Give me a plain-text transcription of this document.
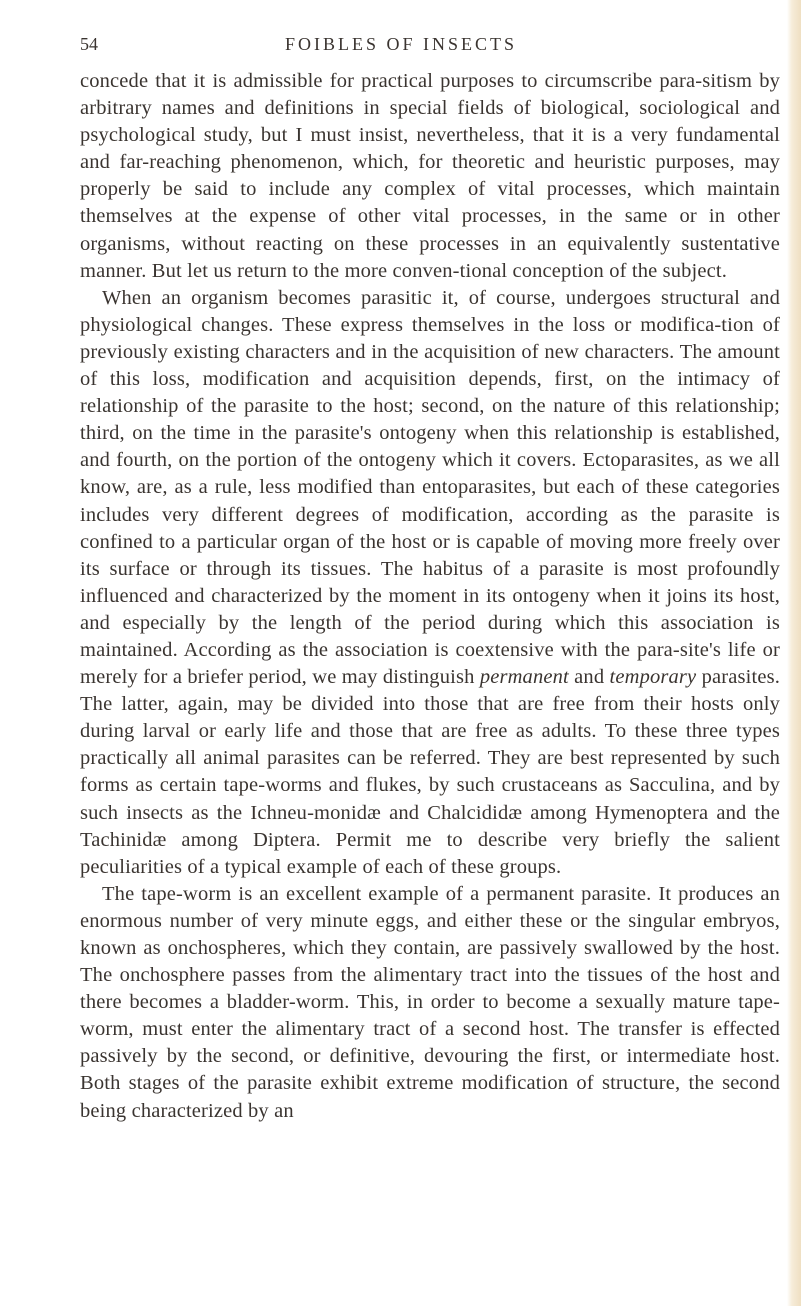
54	FOIBLES OF INSECTS

concede that it is admissible for practical purposes to circumscribe para-sitism by arbitrary names and definitions in special fields of biological, sociological and psychological study, but I must insist, nevertheless, that it is a very fundamental and far-reaching phenomenon, which, for theoretic and heuristic purposes, may properly be said to include any complex of vital processes, which maintain themselves at the expense of other vital processes, in the same or in other organisms, without reacting on these processes in an equivalently sustentative manner. But let us return to the more conven-tional conception of the subject.

When an organism becomes parasitic it, of course, undergoes structural and physiological changes. These express themselves in the loss or modifica-tion of previously existing characters and in the acquisition of new characters. The amount of this loss, modification and acquisition depends, first, on the intimacy of relationship of the parasite to the host; second, on the nature of this relationship; third, on the time in the parasite's ontogeny when this relationship is established, and fourth, on the portion of the ontogeny which it covers. Ectoparasites, as we all know, are, as a rule, less modified than entoparasites, but each of these categories includes very different degrees of modification, according as the parasite is confined to a particular organ of the host or is capable of moving more freely over its surface or through its tissues. The habitus of a parasite is most profoundly influenced and characterized by the moment in its ontogeny when it joins its host, and especially by the length of the period during which this association is maintained. According as the association is coextensive with the para-site's life or merely for a briefer period, we may distinguish permanent and temporary parasites. The latter, again, may be divided into those that are free from their hosts only during larval or early life and those that are free as adults. To these three types practically all animal parasites can be referred. They are best represented by such forms as certain tape-worms and flukes, by such crustaceans as Sacculina, and by such insects as the Ichneu-monidæ and Chalcididæ among Hymenoptera and the Tachinidæ among Diptera. Permit me to describe very briefly the salient peculiarities of a typical example of each of these groups.

The tape-worm is an excellent example of a permanent parasite. It produces an enormous number of very minute eggs, and either these or the singular embryos, known as onchospheres, which they contain, are passively swallowed by the host. The onchosphere passes from the alimentary tract into the tissues of the host and there becomes a bladder-worm. This, in order to become a sexually mature tape-worm, must enter the alimentary tract of a second host. The transfer is effected passively by the second, or definitive, devouring the first, or intermediate host. Both stages of the parasite exhibit extreme modification of structure, the second being characterized by an
